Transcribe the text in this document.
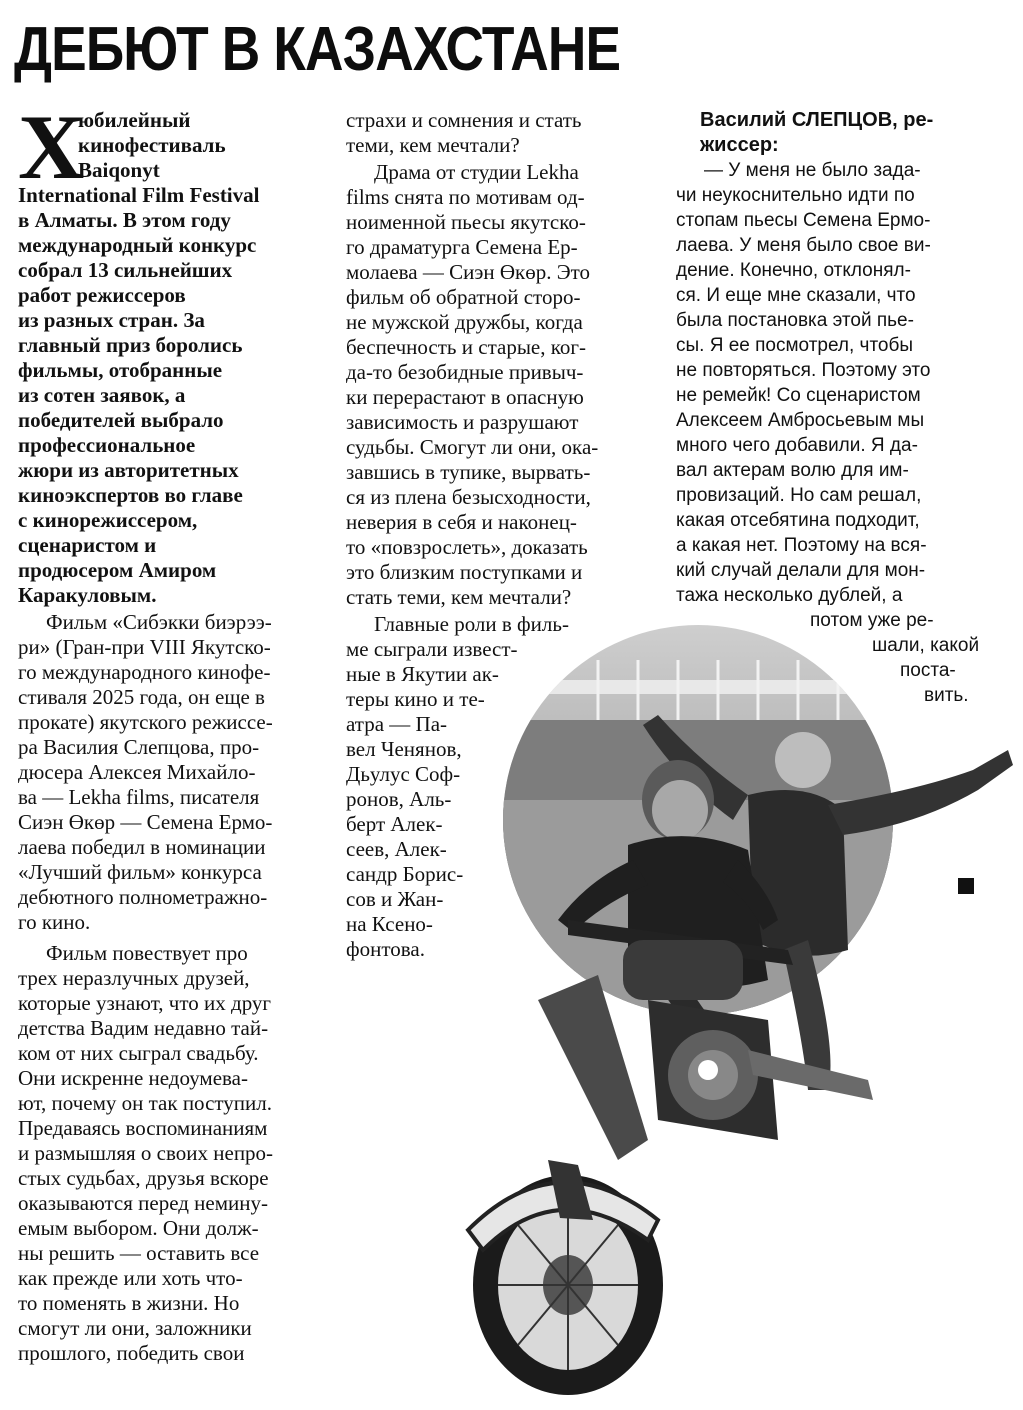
ДЕБЮТ В КАЗАХСТАНЕ
Х
юбилейный
кинофестиваль
Baiqonyt
International Film Festival
в Алматы. В этом году
международный конкурс
собрал 13 сильнейших
работ режиссеров
из разных стран. За
главный приз боролись
фильмы, отобранные
из сотен заявок, а
победителей выбрало
профессиональное
жюри из авторитетных
киноэкспертов во главе
с кинорежиссером,
сценаристом и
продюсером Амиром
Каракуловым.
Фильм «Сибэкки биэрээ-
ри» (Гран-при VIII Якутско-
го международного кинофе-
стиваля 2025 года, он еще в
прокате) якутского режиссе-
ра Василия Слепцова, про-
дюсера Алексея Михайло-
ва — Lekha films, писателя
Сиэн Өкөр — Семена Ермо-
лаева победил в номинации
«Лучший фильм» конкурса
дебютного полнометражно-
го кино.
Фильм повествует про
трех неразлучных друзей,
которые узнают, что их друг
детства Вадим недавно тай-
ком от них сыграл свадьбу.
Они искренне недоумева-
ют, почему он так поступил.
Предаваясь воспоминаниям
и размышляя о своих непро-
стых судьбах, друзья вскоре
оказываются перед немину-
емым выбором. Они долж-
ны решить — оставить все
как прежде или хоть что-
то поменять в жизни. Но
смогут ли они, заложники
прошлого, победить свои
страхи и сомнения и стать
теми, кем мечтали?
Драма от студии Lekha
films снята по мотивам од-
ноименной пьесы якутско-
го драматурга Семена Ер-
молаева — Сиэн Өкөр. Это
фильм об обратной сторо-
не мужской дружбы, когда
беспечность и старые, ког-
да-то безобидные привыч-
ки перерастают в опасную
зависимость и разрушают
судьбы. Смогут ли они, ока-
завшись в тупике, вырвать-
ся из плена безысходности,
неверия в себя и наконец-
то «повзрослеть», доказать
это близким поступками и
стать теми, кем мечтали?
Главные роли в филь-
ме сыграли извест-
ные в Якутии ак-
теры кино и те-
атра — Па-
вел Ченянов,
Дьулус Соф-
ронов, Аль-
берт Алек-
сеев, Алек-
сандр Борис-
сов и Жан-
на Ксено-
фонтова.
Василий СЛЕПЦОВ, ре-
жиссер:
— У меня не было зада-
чи неукоснительно идти по
стопам пьесы Семена Ермо-
лаева. У меня было свое ви-
дение. Конечно, отклонял-
ся. И еще мне сказали, что
была постановка этой пье-
сы. Я ее посмотрел, чтобы
не повторяться. Поэтому это
не ремейк! Со сценаристом
Алексеем Амбросьевым мы
много чего добавили. Я да-
вал актерам волю для им-
провизаций. Но сам решал,
какая отсебятина подходит,
а какая нет. Поэтому на вся-
кий случай делали для мон-
тажа несколько дублей, а
потом уже ре-
шали, какой
поста-
вить.
